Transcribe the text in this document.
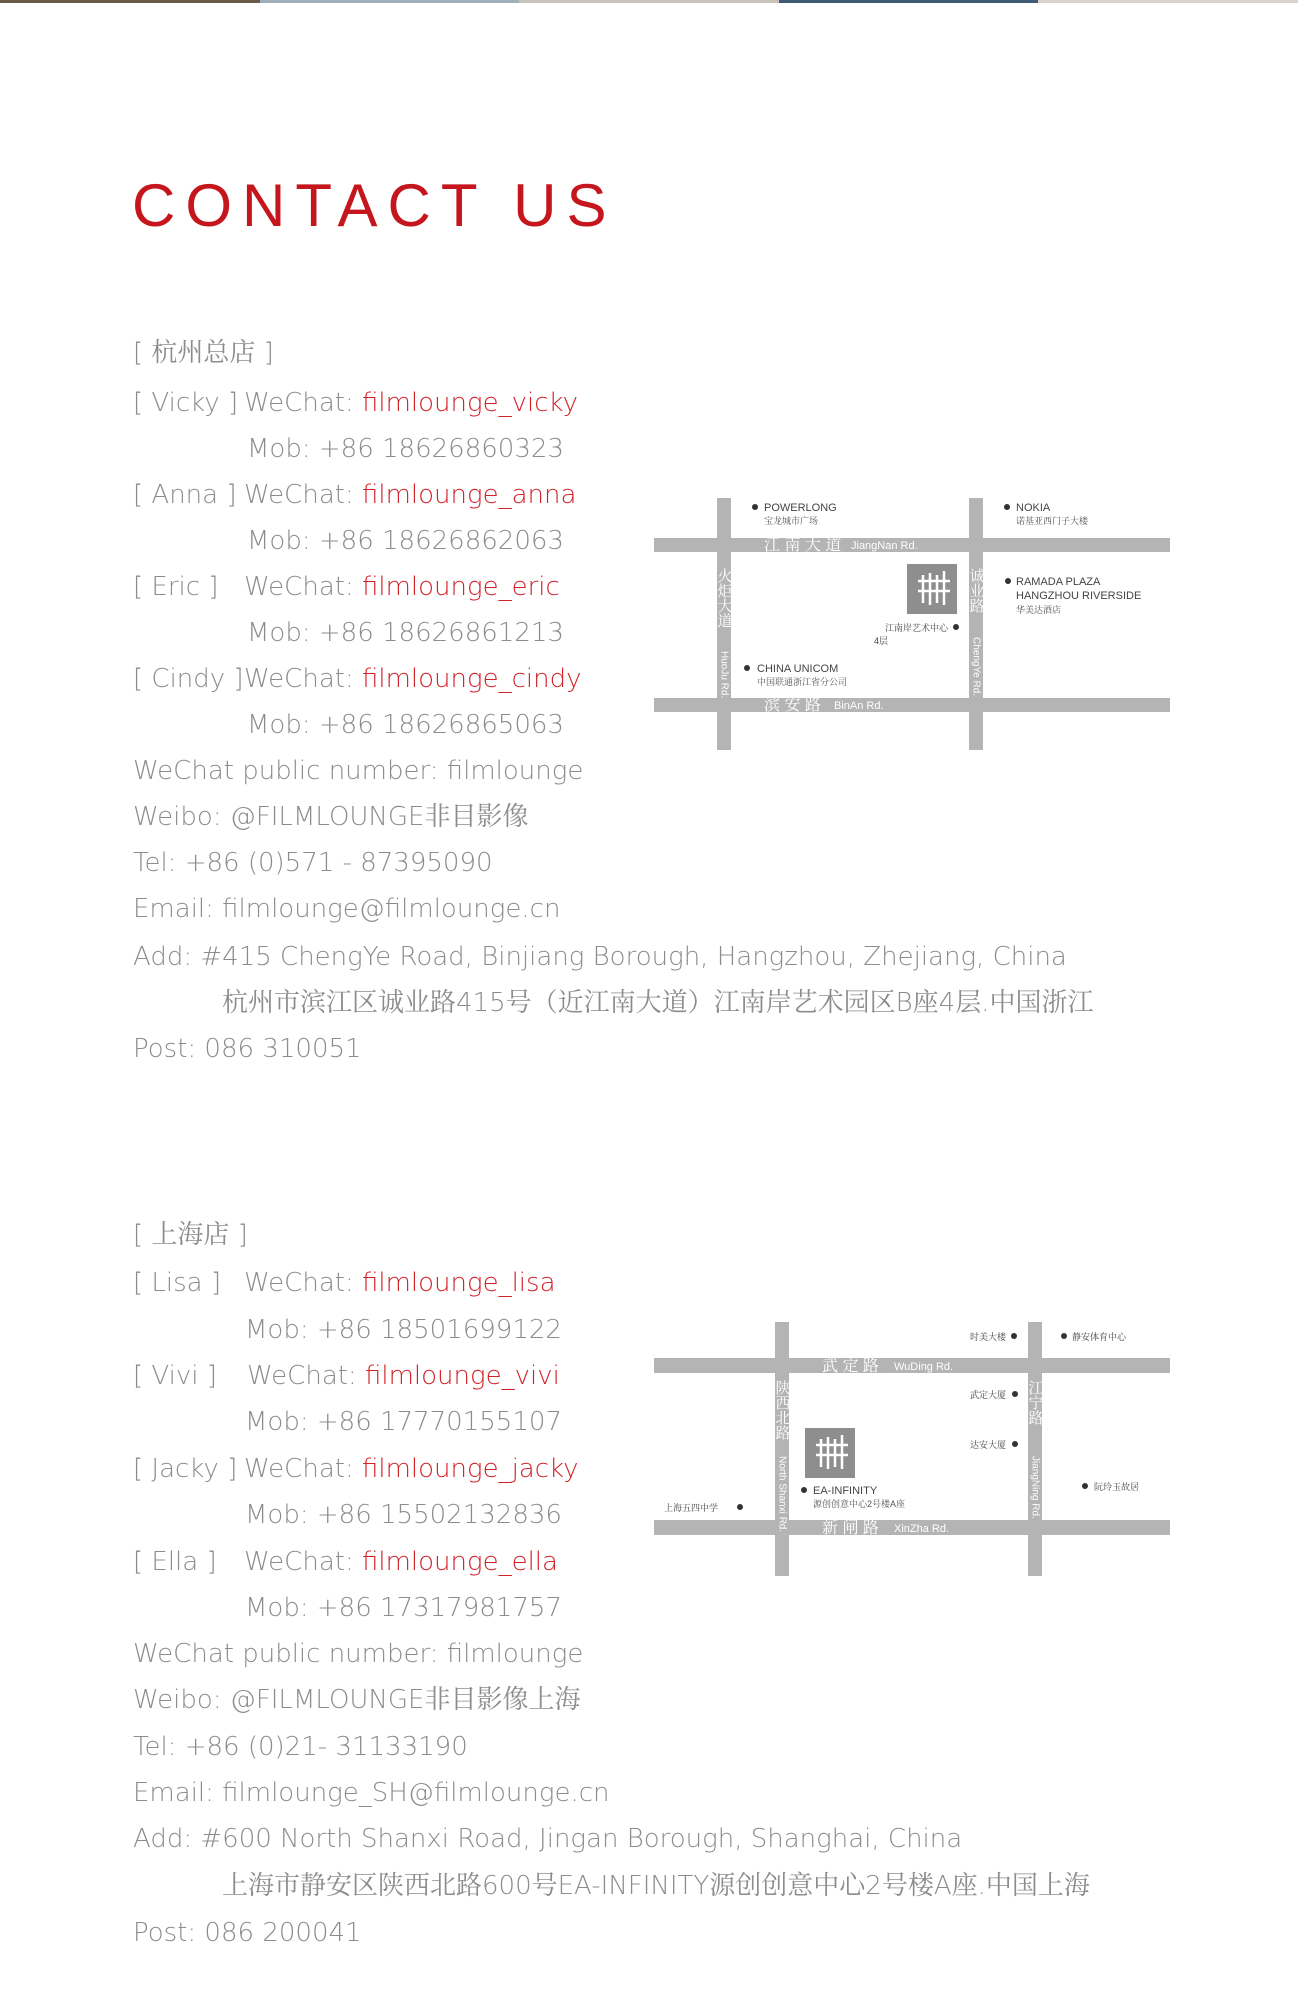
CONTACT US

[ 杭州总店 ]

[ Vicky ] WeChat: filmlounge_vicky

Mob: +86 18626860323

[ Anna ] WeChat: filmlounge_anna

Mob: +86 18626862063

[ Eric ] WeChat: filmlounge_eric

Mob: +86 18626861213

[ Cindy ]WeChat: filmlounge_cindy

Mob: +86 18626865063

WeChat public number: filmlounge

Weibo: @FILMLOUNGE非目影像

Tel: +86 (0)571 - 87395090

Email: filmlounge@filmlounge.cn

Add: #415 ChengYe Road, Binjiang Borough, Hangzhou, Zhejiang, China

杭州市滨江区诚业路415号（近江南大道）江南岸艺术园区B座4层.中国浙江

Post: 086 310051

江 南 大 道 JiangNan Rd.
滨 安 路 BinAn Rd.
火炬大道
HuoJu Rd.
诚业路
ChengYe Rd.
POWERLONG
宝龙城市广场
NOKIA
诺基亚西门子大楼
RAMADA PLAZA
HANGZHOU RIVERSIDE
华美达酒店
江南岸艺术中心
4层
CHINA UNICOM
中国联通浙江省分公司

[ 上海店 ]

[ Lisa ] WeChat: filmlounge_lisa

Mob: +86 18501699122

[ Vivi ] WeChat: filmlounge_vivi

Mob: +86 17770155107

[ Jacky ] WeChat: filmlounge_jacky

Mob: +86 15502132836

[ Ella ] WeChat: filmlounge_ella

Mob: +86 17317981757

WeChat public number: filmlounge

Weibo: @FILMLOUNGE非目影像上海

Tel: +86 (0)21- 31133190

Email: filmlounge_SH@filmlounge.cn

Add: #600 North Shanxi Road, Jingan Borough, Shanghai, China

上海市静安区陕西北路600号EA-INFINITY源创创意中心2号楼A座.中国上海

Post: 086 200041

武 定 路 WuDing Rd.
新 闸 路 XinZha Rd.
陕西北路
North Shanxi Rd.
江宁路
JiangNing Rd.
时美大楼	静安体育中心
武定大厦
达安大厦
上海五四中学
阮玲玉故居
EA-INFINITY
源创创意中心2号楼A座
